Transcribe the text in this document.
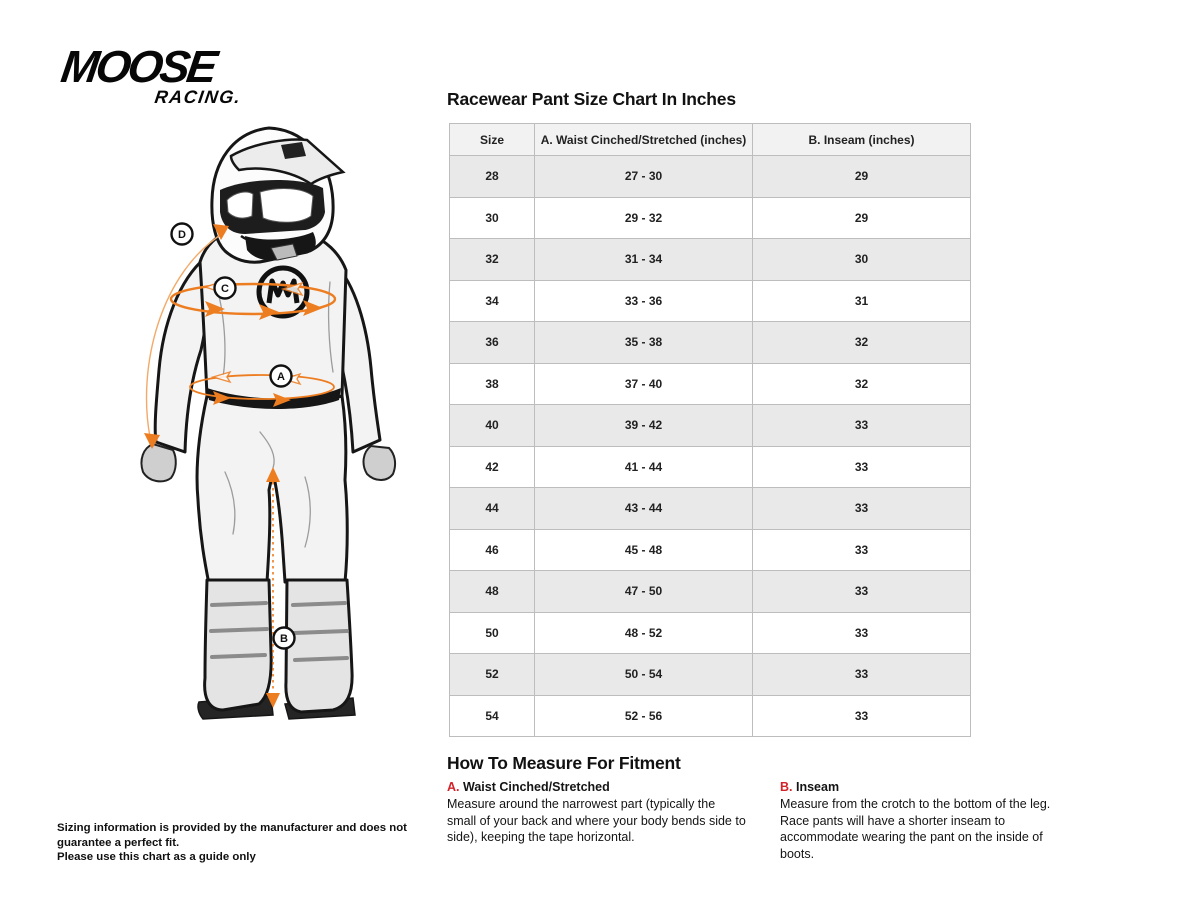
MOOSE
RACING.
D
C
A
B
Racewear Pant Size Chart In Inches
Size	A. Waist Cinched/Stretched (inches)	B. Inseam (inches)
28	27 - 30	29
30	29 - 32	29
32	31 - 34	30
34	33 - 36	31
36	35 - 38	32
38	37 - 40	32
40	39 - 42	33
42	41 - 44	33
44	43 - 44	33
46	45 - 48	33
48	47 - 50	33
50	48 - 52	33
52	50 - 54	33
54	52 - 56	33
How To Measure For Fitment
A. Waist Cinched/Stretched

Measure around the narrowest part (typically the small of your back and where your body bends side to side), keeping the tape horizontal.

B. Inseam

Measure from the crotch to the bottom of the leg. Race pants will have a shorter inseam to accommodate wearing the pant on the inside of boots.

Sizing information is provided by the manufacturer and does not guarantee a perfect fit.
Please use this chart as a guide only
